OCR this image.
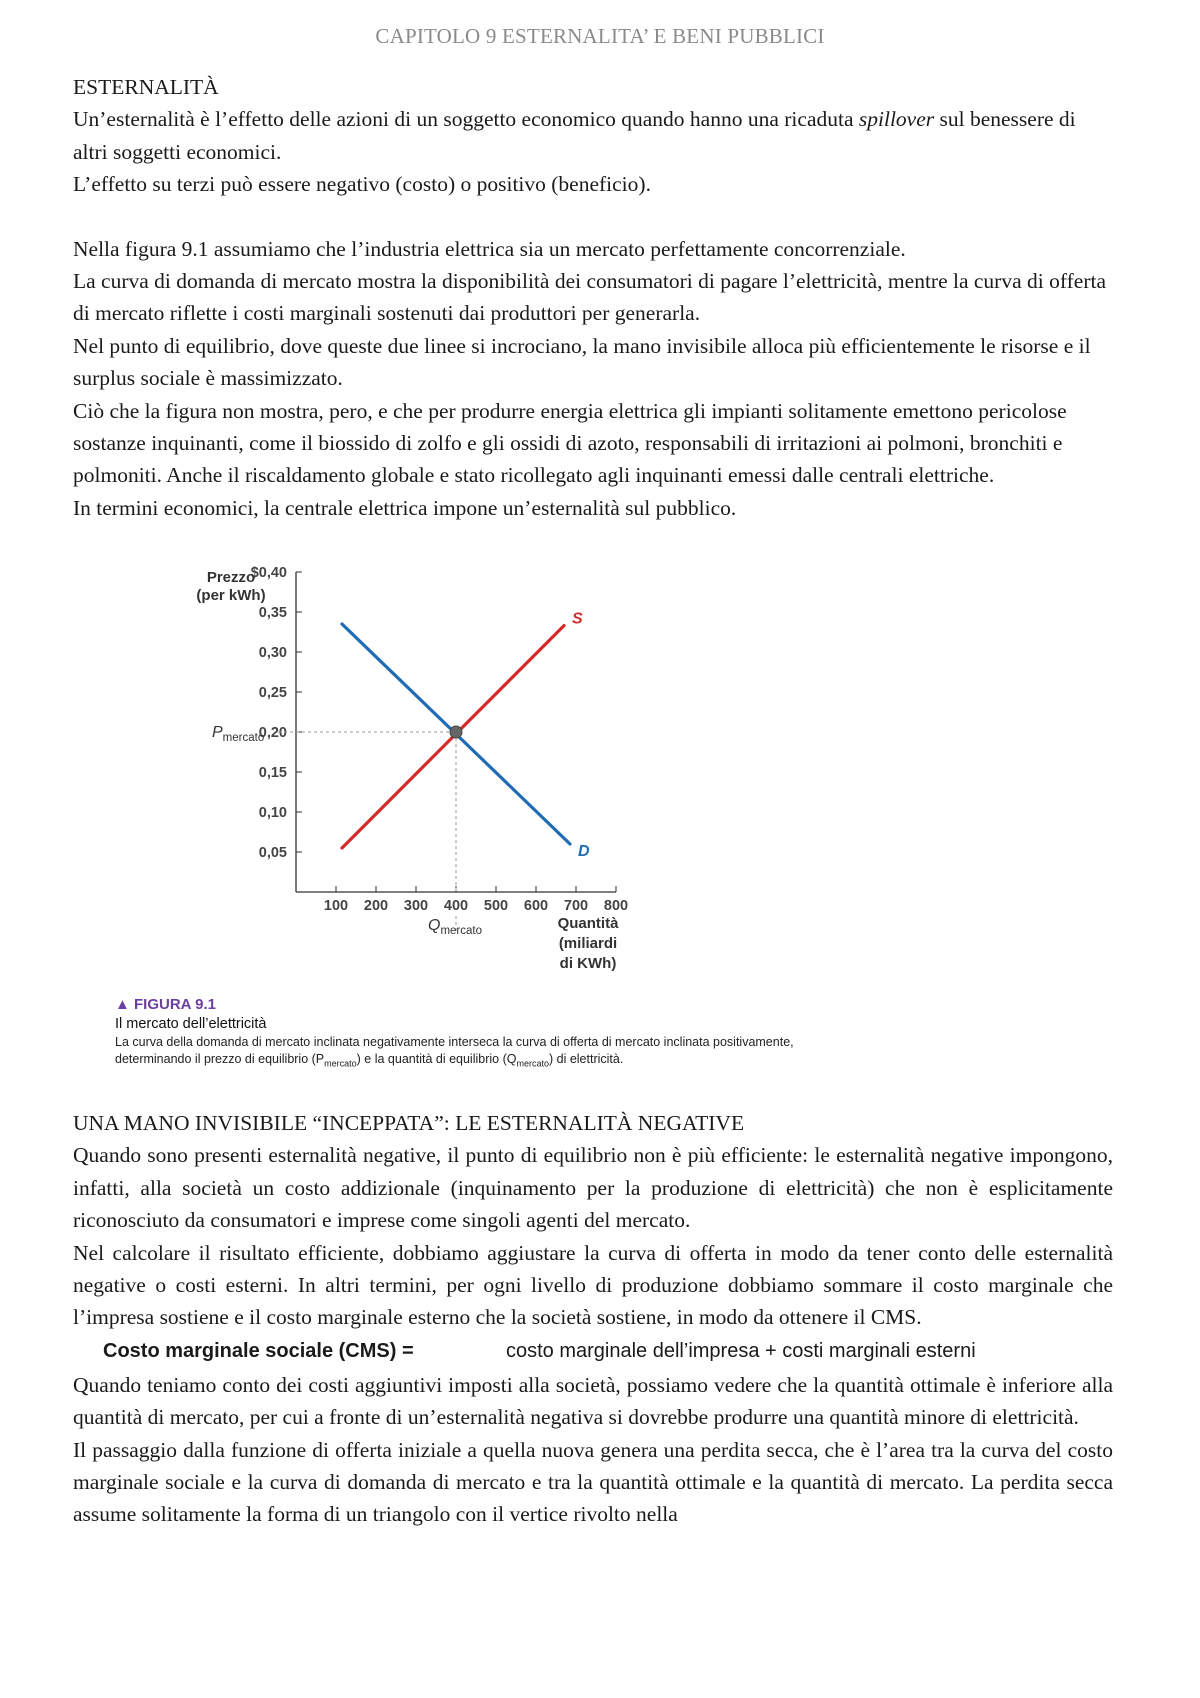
CAPITOLO 9 ESTERNALITA’ E BENI PUBBLICI
ESTERNALITÀ

Un’esternalità è l’effetto delle azioni di un soggetto economico quando hanno una ricaduta spillover sul benessere di altri soggetti economici.

L’effetto su terzi può essere negativo (costo) o positivo (beneficio).

Nella figura 9.1 assumiamo che l’industria elettrica sia un mercato perfettamente concorrenziale.

La curva di domanda di mercato mostra la disponibilità dei consumatori di pagare l’elettricità, mentre la curva di offerta di mercato riflette i costi marginali sostenuti dai produttori per generarla.

Nel punto di equilibrio, dove queste due linee si incrociano, la mano invisibile alloca più efficientemente le risorse e il surplus sociale è massimizzato.

Ciò che la figura non mostra, pero, e che per produrre energia elettrica gli impianti solitamente emettono pericolose sostanze inquinanti, come il biossido di zolfo e gli ossidi di azoto, responsabili di irritazioni ai polmoni, bronchiti e polmoniti. Anche il riscaldamento globale e stato ricollegato agli inquinanti emessi dalle centrali elettriche.

In termini economici, la centrale elettrica impone un’esternalità sul pubblico.

$0,40
0,35
0,30
0,25
0,20
0,15
0,10
0,05
100 200 300 400 500 600 700 800
S
D
Prezzo
(per kWh)
$P_{mercato}$
$Q_{mercato}$	Quantità
(miliardi
di KWh)
▲ FIGURA 9.1
Il mercato dell’elettricità
La curva della domanda di mercato inclinata negativamente interseca la curva di offerta di mercato inclinata positivamente, determinando il prezzo di equilibrio $(P_{mercato})$ e la quantità di equilibrio $(Q_{mercato})$ di elettricità.
UNA MANO INVISIBILE “INCEPPATA”: LE ESTERNALITÀ NEGATIVE

Quando sono presenti esternalità negative, il punto di equilibrio non è più efficiente: le esternalità negative impongono, infatti, alla società un costo addizionale (inquinamento per la produzione di elettricità) che non è esplicitamente riconosciuto da consumatori e imprese come singoli agenti del mercato.

Nel calcolare il risultato efficiente, dobbiamo aggiustare la curva di offerta in modo da tener conto delle esternalità negative o costi esterni. In altri termini, per ogni livello di produzione dobbiamo sommare il costo marginale che l’impresa sostiene e il costo marginale esterno che la società sostiene, in modo da ottenere il CMS.

Costo marginale sociale (CMS) =	costo marginale dell’impresa + costi marginali esterni

Quando teniamo conto dei costi aggiuntivi imposti alla società, possiamo vedere che la quantità ottimale è inferiore alla quantità di mercato, per cui a fronte di un’esternalità negativa si dovrebbe produrre una quantità minore di elettricità.

Il passaggio dalla funzione di offerta iniziale a quella nuova genera una perdita secca, che è l’area tra la curva del costo marginale sociale e la curva di domanda di mercato e tra la quantità ottimale e la quantità di mercato. La perdita secca assume solitamente la forma di un triangolo con il vertice rivolto nella
